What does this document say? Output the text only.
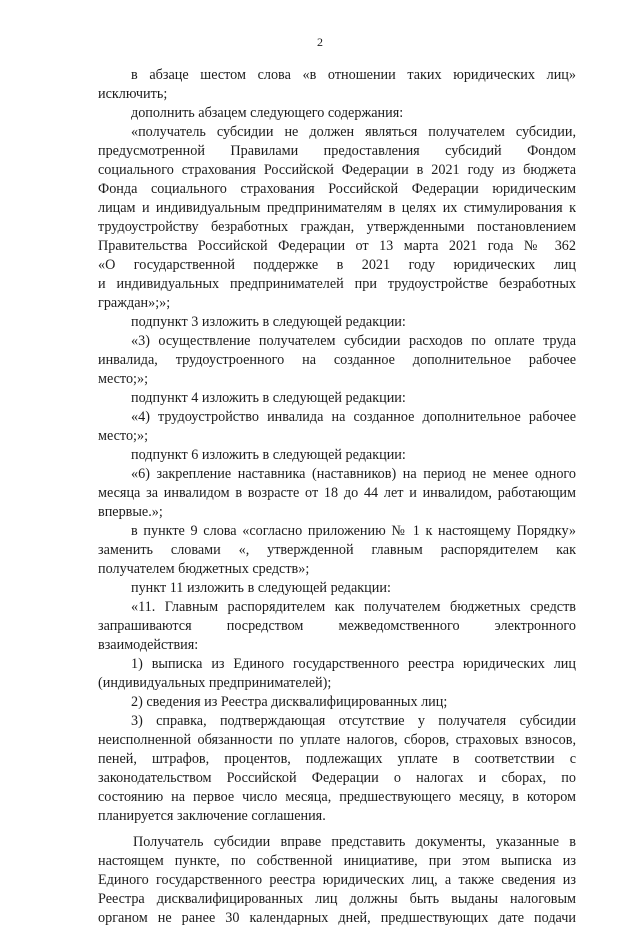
2
в абзаце шестом слова «в отношении таких юридических лиц»
исключить;
дополнить абзацем следующего содержания:
«получатель субсидии не должен являться получателем субсидии,
предусмотренной Правилами предоставления субсидий Фондом
социального страхования Российской Федерации в 2021 году из бюджета
Фонда социального страхования Российской Федерации юридическим
лицам и индивидуальным предпринимателям в целях их стимулирования к
трудоустройству безработных граждан, утвержденными постановлением
Правительства Российской Федерации от 13 марта 2021 года № 362
«О государственной поддержке в 2021 году юридических лиц
и индивидуальных предпринимателей при трудоустройстве безработных
граждан»;»;
подпункт 3 изложить в следующей редакции:
«3) осуществление получателем субсидии расходов по оплате труда
инвалида, трудоустроенного на созданное дополнительное рабочее
место;»;
подпункт 4 изложить в следующей редакции:
«4) трудоустройство инвалида на созданное дополнительное рабочее
место;»;
подпункт 6 изложить в следующей редакции:
«6) закрепление наставника (наставников) на период не менее одного
месяца за инвалидом в возрасте от 18 до 44 лет и инвалидом, работающим
впервые.»;
в пункте 9 слова «согласно приложению № 1 к настоящему Порядку»
заменить словами «, утвержденной главным распорядителем как
получателем бюджетных средств»;
пункт 11 изложить в следующей редакции:
«11. Главным распорядителем как получателем бюджетных средств
запрашиваются посредством межведомственного электронного
взаимодействия:
1) выписка из Единого государственного реестра юридических лиц
(индивидуальных предпринимателей);
2) сведения из Реестра дисквалифицированных лиц;
3) справка, подтверждающая отсутствие у получателя субсидии
неисполненной обязанности по уплате налогов, сборов, страховых взносов,
пеней, штрафов, процентов, подлежащих уплате в соответствии с
законодательством Российской Федерации о налогах и сборах, по
состоянию на первое число месяца, предшествующего месяцу, в котором
планируется заключение соглашения.
Получатель субсидии вправе представить документы, указанные в
настоящем пункте, по собственной инициативе, при этом выписка из
Единого государственного реестра юридических лиц, а также сведения из
Реестра дисквалифицированных лиц должны быть выданы налоговым
органом не ранее 30 календарных дней, предшествующих дате подачи
